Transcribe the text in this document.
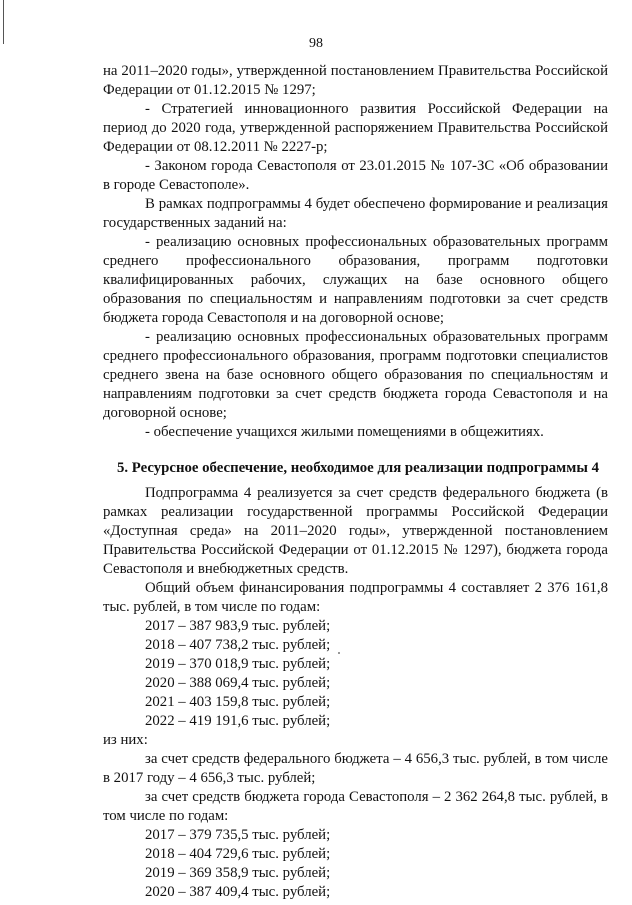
98

на 2011–2020 годы», утвержденной постановлением Правительства Российской Федерации от 01.12.2015 № 1297;

- Стратегией инновационного развития Российской Федерации на период до 2020 года, утвержденной распоряжением Правительства Российской Федерации от 08.12.2011 № 2227-р;

- Законом города Севастополя от 23.01.2015 № 107-ЗС «Об образовании в городе Севастополе».

В рамках подпрограммы 4 будет обеспечено формирование и реализация государственных заданий на:

- реализацию основных профессиональных образовательных программ среднего профессионального образования, программ подготовки квалифицированных рабочих, служащих на базе основного общего образования по специальностям и направлениям подготовки за счет средств бюджета города Севастополя и на договорной основе;

- реализацию основных профессиональных образовательных программ среднего профессионального образования, программ подготовки специалистов среднего звена на базе основного общего образования по специальностям и направлениям подготовки за счет средств бюджета города Севастополя и на договорной основе;

- обеспечение учащихся жилыми помещениями в общежитиях.

5. Ресурсное обеспечение, необходимое для реализации подпрограммы 4

Подпрограмма 4 реализуется за счет средств федерального бюджета (в рамках реализации государственной программы Российской Федерации «Доступная среда» на 2011–2020 годы», утвержденной постановлением Правительства Российской Федерации от 01.12.2015 № 1297), бюджета города Севастополя и внебюджетных средств.

Общий объем финансирования подпрограммы 4 составляет 2 376 161,8 тыс. рублей, в том числе по годам:

2017 – 387 983,9 тыс. рублей;

2018 – 407 738,2 тыс. рублей;

2019 – 370 018,9 тыс. рублей;

2020 – 388 069,4 тыс. рублей;

2021 – 403 159,8 тыс. рублей;

2022 – 419 191,6 тыс. рублей;

из них:

за счет средств федерального бюджета – 4 656,3 тыс. рублей, в том числе в 2017 году – 4 656,3 тыс. рублей;

за счет средств бюджета города Севастополя – 2 362 264,8 тыс. рублей, в том числе по годам:

2017 – 379 735,5 тыс. рублей;

2018 – 404 729,6 тыс. рублей;

2019 – 369 358,9 тыс. рублей;

2020 – 387 409,4 тыс. рублей;
